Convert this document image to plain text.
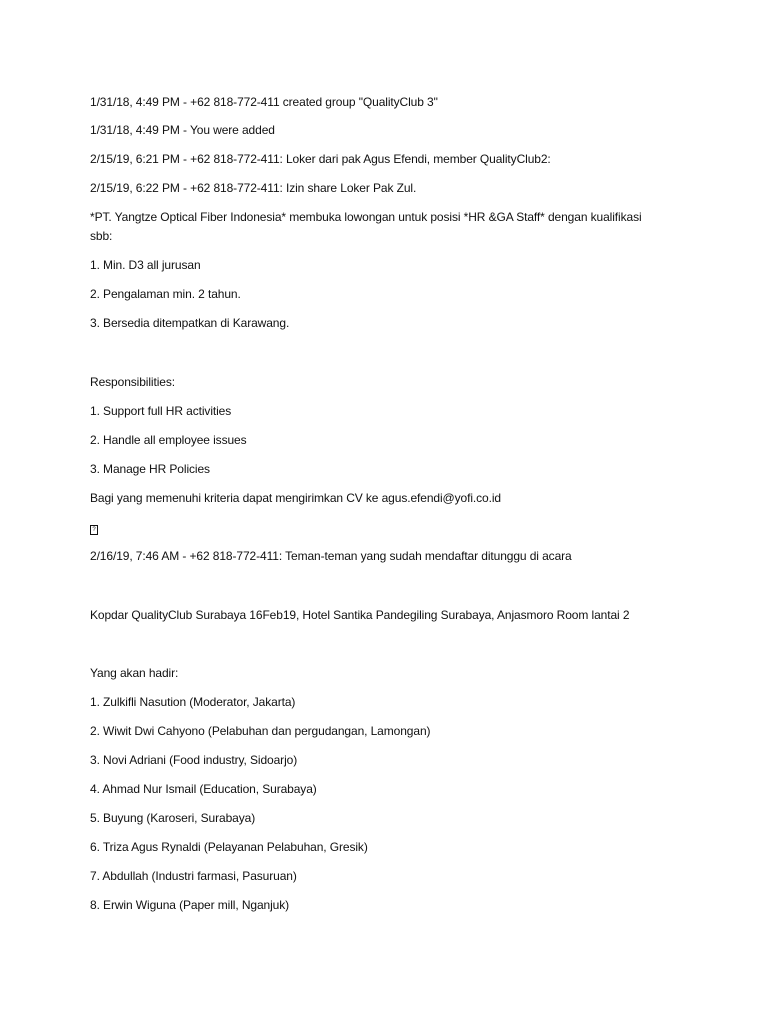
1/31/18, 4:49 PM - +62 818-772-411 created group "QualityClub 3"
1/31/18, 4:49 PM - You were added
2/15/19, 6:21 PM - +62 818-772-411: Loker dari pak Agus Efendi, member QualityClub2:
2/15/19, 6:22 PM - +62 818-772-411: Izin share Loker Pak Zul.
*PT. Yangtze Optical Fiber Indonesia* membuka lowongan untuk posisi *HR &GA Staff* dengan kualifikasi sbb:
1. Min. D3 all jurusan
2. Pengalaman min. 2 tahun.
3. Bersedia ditempatkan di Karawang.
Responsibilities:
1. Support full HR activities
2. Handle all employee issues
3. Manage HR Policies
Bagi yang memenuhi kriteria dapat mengirimkan CV ke agus.efendi@yofi.co.id
?
2/16/19, 7:46 AM - +62 818-772-411: Teman-teman yang sudah mendaftar ditunggu di acara
Kopdar QualityClub Surabaya 16Feb19, Hotel Santika Pandegiling Surabaya, Anjasmoro Room lantai 2
Yang akan hadir:
1. Zulkifli Nasution (Moderator, Jakarta)
2. Wiwit Dwi Cahyono (Pelabuhan dan pergudangan, Lamongan)
3. Novi Adriani (Food industry, Sidoarjo)
4. Ahmad Nur Ismail (Education, Surabaya)
5. Buyung (Karoseri, Surabaya)
6. Triza Agus Rynaldi (Pelayanan Pelabuhan, Gresik)
7. Abdullah (Industri farmasi, Pasuruan)
8. Erwin Wiguna (Paper mill, Nganjuk)
